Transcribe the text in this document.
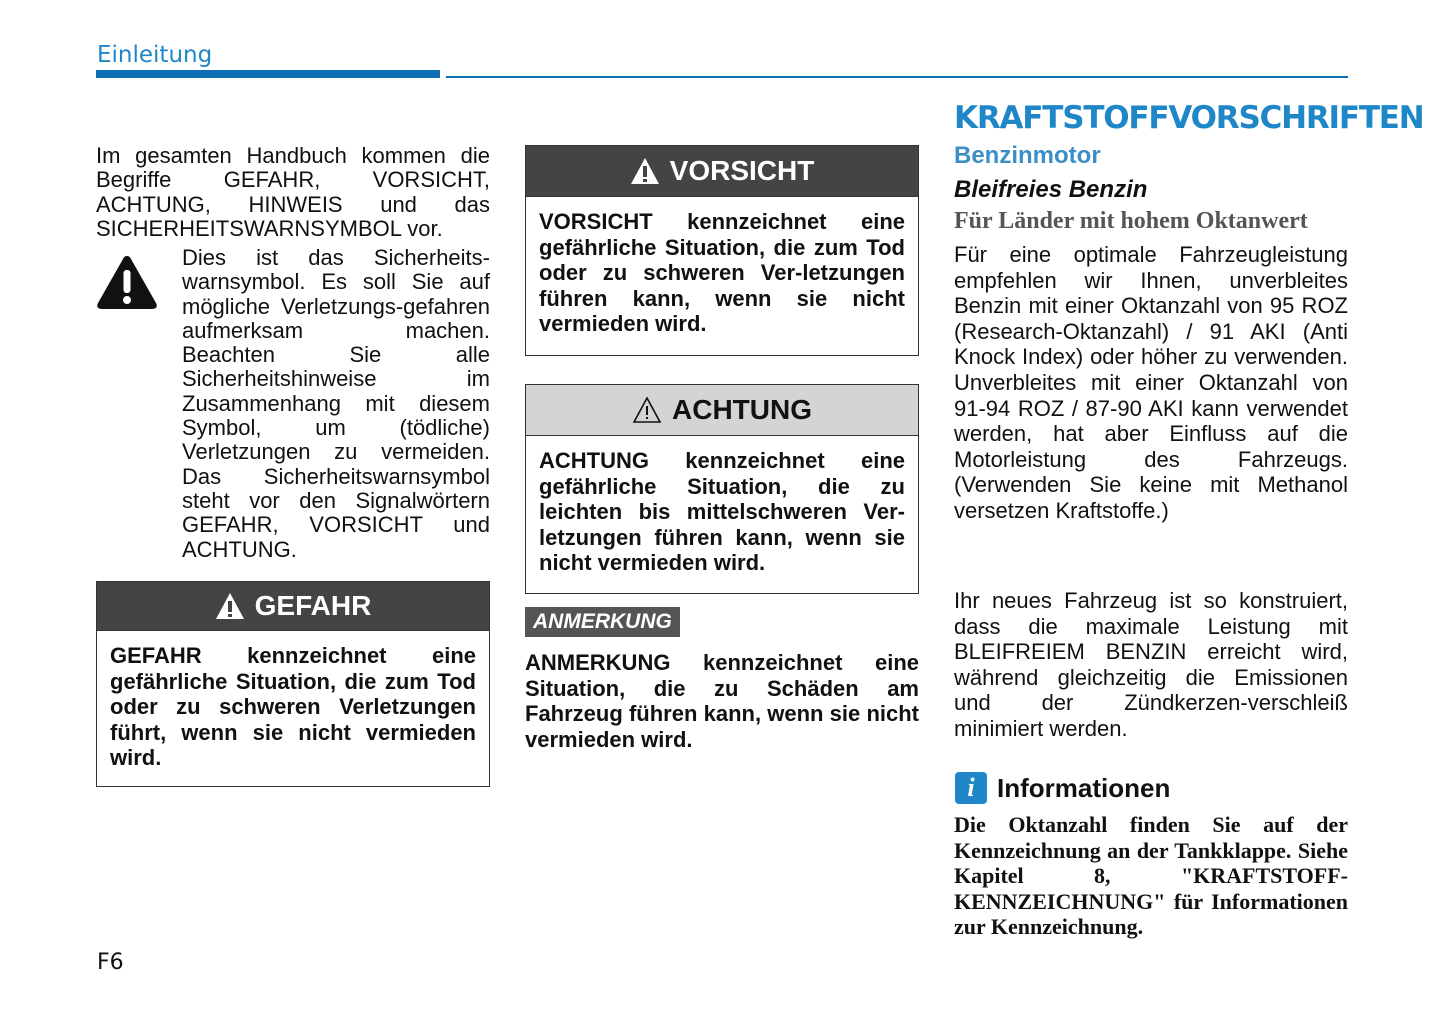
Einleitung
Im gesamten Handbuch kommen die Begriffe GEFAHR, VORSICHT, ACHTUNG, HINWEIS und das SICHERHEITSWARNSYMBOL vor.

Dies ist das Sicherheits-warnsymbol. Es soll Sie auf mögliche Verletzungs-gefahren aufmerksam machen. Beachten Sie alle Sicherheitshinweise im Zusammenhang mit diesem Symbol, um (tödliche) Verletzungen zu vermeiden. Das Sicherheitswarnsymbol steht vor den Signalwörtern GEFAHR, VORSICHT und ACHTUNG.

GEFAHR
GEFAHR kennzeichnet eine gefährliche Situation, die zum Tod oder zu schweren Verletzungen führt, wenn sie nicht vermieden wird.
VORSICHT
VORSICHT kennzeichnet eine gefährliche Situation, die zum Tod oder zu schweren Ver-letzungen führen kann, wenn sie nicht vermieden wird.
ACHTUNG
ACHTUNG kennzeichnet eine gefährliche Situation, die zu leichten bis mittelschweren Ver-letzungen führen kann, wenn sie nicht vermieden wird.
ANMERKUNG
ANMERKUNG kennzeichnet eine Situation, die zu Schäden am Fahrzeug führen kann, wenn sie nicht vermieden wird.
KRAFTSTOFFVORSCHRIFTEN
Benzinmotor
Bleifreies Benzin
Für Länder mit hohem Oktanwert
Für eine optimale Fahrzeugleistung empfehlen wir Ihnen, unverbleites Benzin mit einer Oktanzahl von 95 ROZ (Research-Oktanzahl) / 91 AKI (Anti Knock Index) oder höher zu verwenden. Unverbleites mit einer Oktanzahl von 91-94 ROZ / 87-90 AKI kann verwendet werden, hat aber Einfluss auf die Motorleistung des Fahrzeugs. (Verwenden Sie keine mit Methanol versetzen Kraftstoffe.)
Ihr neues Fahrzeug ist so konstruiert, dass die maximale Leistung mit BLEIFREIEM BENZIN erreicht wird, während gleichzeitig die Emissionen und der Zündkerzen-verschleiß minimiert werden.
i Informationen
Die Oktanzahl finden Sie auf der Kennzeichnung an der Tankklappe. Siehe Kapitel 8, "KRAFTSTOFF-KENNZEICHNUNG" für Informationen zur Kennzeichnung.
F6
